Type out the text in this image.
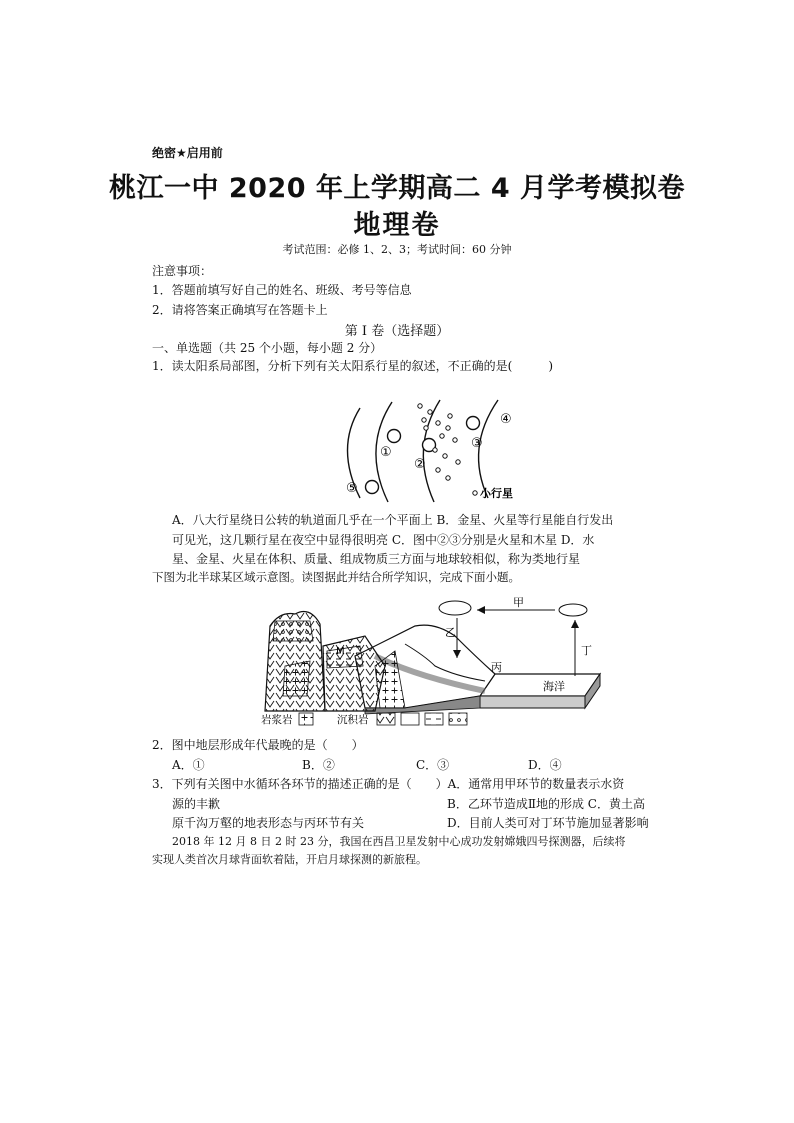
绝密★启用前
桃江一中 2020 年上学期高二 4 月学考模拟卷
地理卷
考试范围：必修 1、2、3；考试时间：60 分钟
注意事项：
1．答题前填写好自己的姓名、班级、考号等信息
2．请将答案正确填写在答题卡上
第 I 卷（选择题）
一、单选题（共 25 个小题，每小题 2 分）
1．读太阳系局部图，分析下列有关太阳系行星的叙述，不正确的是(　　　)
①
②
③
④
⑤	小行星
A．八大行星绕日公转的轨道面几乎在一个平面上 B．金星、火星等行星能自行发出
可见光，这几颗行星在夜空中显得很明亮 C．图中②③分别是火星和木星 D．水
星、金星、火星在体积、质量、组成物质三方面与地球较相似，称为类地行星
下图为北半球某区域示意图。读图据此并结合所学知识，完成下面小题。
M
甲
乙
丙
丁
海洋
岩浆岩	沉积岩
2．图中地层形成年代最晚的是（　　）
A．①	B．②	C．③	D．④
3．下列有关图中水循环各环节的描述正确的是（　　）A．通常用甲环节的数量表示水资
源的丰歉	B．乙环节造成Ⅱ地的形成 C．黄土高
原千沟万壑的地表形态与丙环节有关	D．目前人类可对丁环节施加显著影响
2018 年 12 月 8 日 2 时 23 分，我国在西昌卫星发射中心成功发射嫦娥四号探测器，后续将
实现人类首次月球背面软着陆，开启月球探测的新旅程。
